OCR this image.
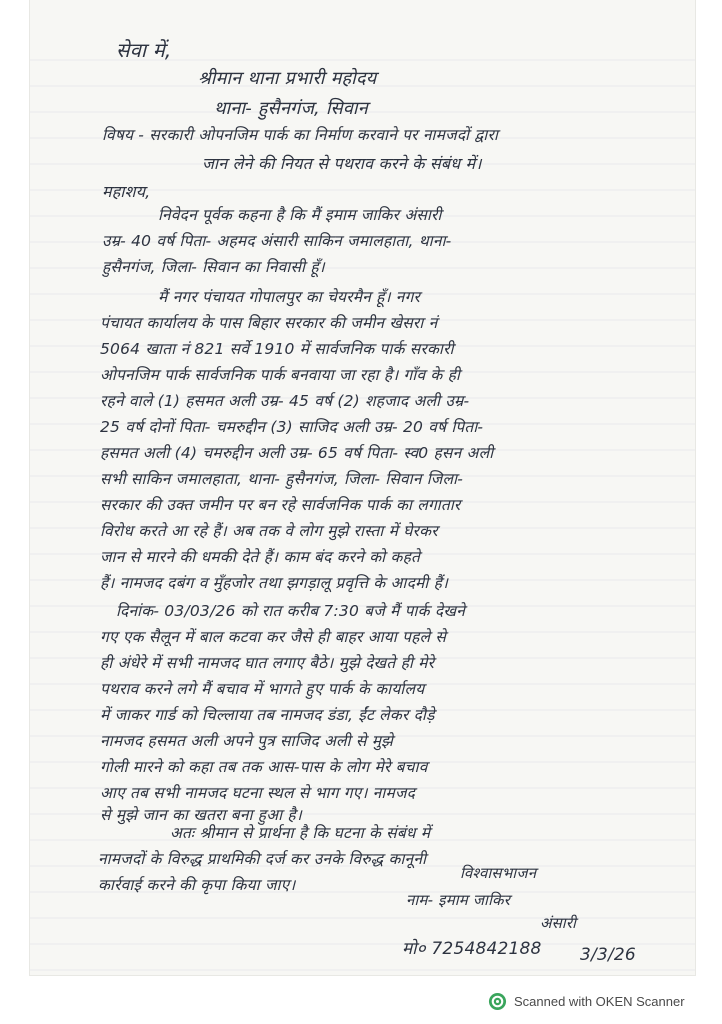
सेवा में,
श्रीमान थाना प्रभारी महोदय
थाना- हुसैनगंज, सिवान
विषय - सरकारी ओपनजिम पार्क का निर्माण करवाने पर नामजदों द्वारा
जान लेने की नियत से पथराव करने के संबंध में।
महाशय,
निवेदन पूर्वक कहना है कि मैं इमाम जाकिर अंसारी
उम्र- 40 वर्ष पिता- अहमद अंसारी साकिन जमालहाता, थाना-
हुसैनगंज, जिला- सिवान का निवासी हूँ।
मैं नगर पंचायत गोपालपुर का चेयरमैन हूँ। नगर
पंचायत कार्यालय के पास बिहार सरकार की जमीन खेसरा नं
5064 खाता नं 821 सर्वे 1910 में सार्वजनिक पार्क सरकारी
ओपनजिम पार्क सार्वजनिक पार्क बनवाया जा रहा है। गाँव के ही
रहने वाले (1) हसमत अली उम्र- 45 वर्ष (2) शहजाद अली उम्र-
25 वर्ष दोनों पिता- चमरुद्दीन (3) साजिद अली उम्र- 20 वर्ष पिता-
हसमत अली (4) चमरुद्दीन अली उम्र- 65 वर्ष पिता- स्व0 हसन अली
सभी साकिन जमालहाता, थाना- हुसैनगंज, जिला- सिवान जिला-
सरकार की उक्त जमीन पर बन रहे सार्वजनिक पार्क का लगातार
विरोध करते आ रहे हैं। अब तक वे लोग मुझे रास्ता में घेरकर
जान से मारने की धमकी देते हैं। काम बंद करने को कहते
हैं। नामजद दबंग व मुँहजोर तथा झगड़ालू प्रवृत्ति के आदमी हैं।
दिनांक- 03/03/26 को रात करीब 7:30 बजे मैं पार्क देखने
गए एक सैलून में बाल कटवा कर जैसे ही बाहर आया पहले से
ही अंधेरे में सभी नामजद घात लगाए बैठे। मुझे देखते ही मेरे
पथराव करने लगे मैं बचाव में भागते हुए पार्क के कार्यालय
में जाकर गार्ड को चिल्लाया तब नामजद डंडा, ईंट लेकर दौड़े
नामजद हसमत अली अपने पुत्र साजिद अली से मुझे
गोली मारने को कहा तब तक आस-पास के लोग मेरे बचाव
आए तब सभी नामजद घटना स्थल से भाग गए। नामजद
से मुझे जान का खतरा बना हुआ है।
अतः श्रीमान से प्रार्थना है कि घटना के संबंध में
नामजदों के विरुद्ध प्राथमिकी दर्ज कर उनके विरुद्ध कानूनी
कार्रवाई करने की कृपा किया जाए।
विश्वासभाजन
नाम- इमाम जाकिर
अंसारी
मो० 7254842188 3/3/26
Scanned with OKEN Scanner
